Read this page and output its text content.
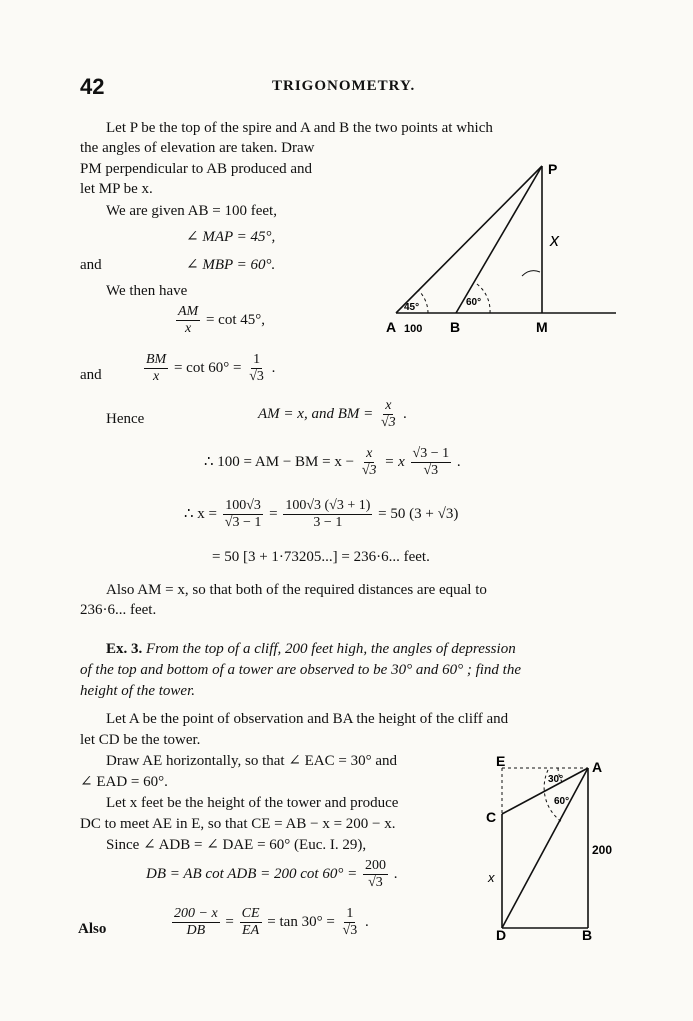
42	TRIGONOMETRY.
Let P be the top of the spire and A and B the two points at which
the angles of elevation are taken. Draw
PM perpendicular to AB produced and
let MP be x.
We are given AB = 100 feet,
∠ MAP = 45°,
and	∠ MBP = 60°.
We then have
$\frac{AM}{x} = \cot 45^\circ$,
and	$\frac{BM}{x} = \cot 60^\circ = \frac{1}{√3}$ .
Hence	AM = x, and BM = $\frac{x}{√3}$ .
∴ 100 = AM − BM = $x - \frac{x}{√3} = x \frac{√3 - 1}{√3}$ .
∴ $x = \frac{100√3}{√3 - 1} = \frac{100√3 (√3 + 1)}{3 - 1} = 50$ (3 + √3)
= 50 [3 + 1·73205...] = 236·6... feet.
Also AM = x, so that both of the required distances are equal to
236·6... feet.
Ex. 3. From the top of a cliff, 200 feet high, the angles of depression
of the top and bottom of a tower are observed to be 30° and 60° ; find the
height of the tower.
Let A be the point of observation and BA the height of the cliff and
let CD be the tower.
Draw AE horizontally, so that ∠ EAC = 30° and
∠ EAD = 60°.
Let x feet be the height of the tower and produce
DC to meet AE in E, so that CE = AB − x = 200 − x.
Since ∠ ADB = ∠ DAE = 60° (Euc. I. 29),
DB = AB cot ADB = 200 $\cot 60^\circ = \frac{200}{√3}$ .
Also	$\frac{200 - x}{DB} = \frac{CE}{EA} = \tan 30^\circ = \frac{1}{√3}$ .
P
A 100 B	M
x
45°	60°
E	A
C
D	B
x
200
30°
60°
